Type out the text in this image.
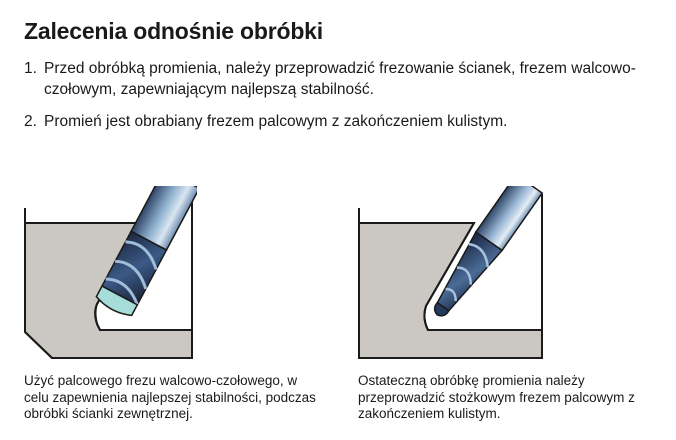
Zalecenia odnośnie obróbki
1. Przed obróbką promienia, należy przeprowadzić frezowanie ścianek, frezem walcowo-czołowym, zapewniającym najlepszą stabilność.
2. Promień jest obrabiany frezem palcowym z zakończeniem kulistym.
Użyć palcowego frezu walcowo-czołowego, w celu zapewnienia najlepszej stabilności, podczas obróbki ścianki zewnętrznej.
Ostateczną obróbkę promienia należy przeprowadzić stożkowym frezem palcowym z zakończeniem kulistym.
